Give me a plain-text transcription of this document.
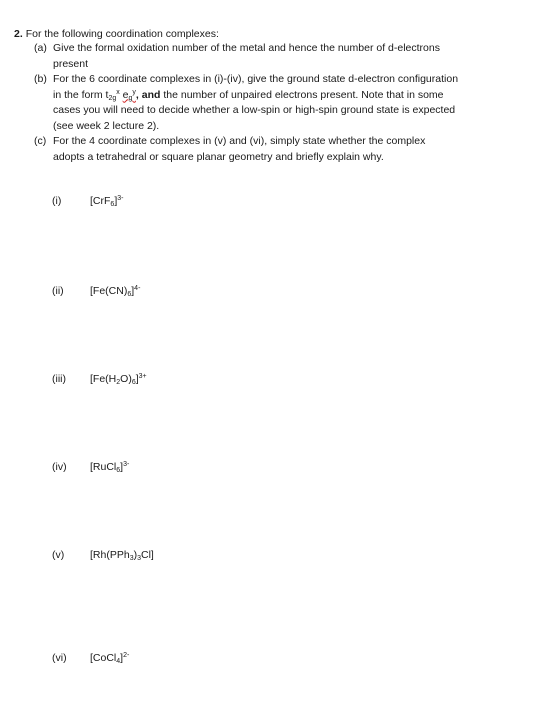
2. For the following coordination complexes:
(a) Give the formal oxidation number of the metal and hence the number of d-electrons
present
(b) For the 6 coordinate complexes in (i)-(iv), give the ground state d-electron configuration
in the form $t_{2g}^x$ $e_g^y$, and the number of unpaired electrons present. Note that in some
cases you will need to decide whether a low-spin or high-spin ground state is expected
(see week 2 lecture 2).
(c) For the 4 coordinate complexes in (v) and (vi), simply state whether the complex
adopts a tetrahedral or square planar geometry and briefly explain why.
(i)	$[CrF_6]^{3-}$
(ii)	$[Fe(CN)_6]^{4-}$
(iii) $[Fe(H_2O)_6]^{3+}$
(iv) [RuCl$_6$]$^{3-}$
(v) $[Rh(PPh_3)_3Cl]$
(vi) [CoCl$_4$]$^{2-}$
